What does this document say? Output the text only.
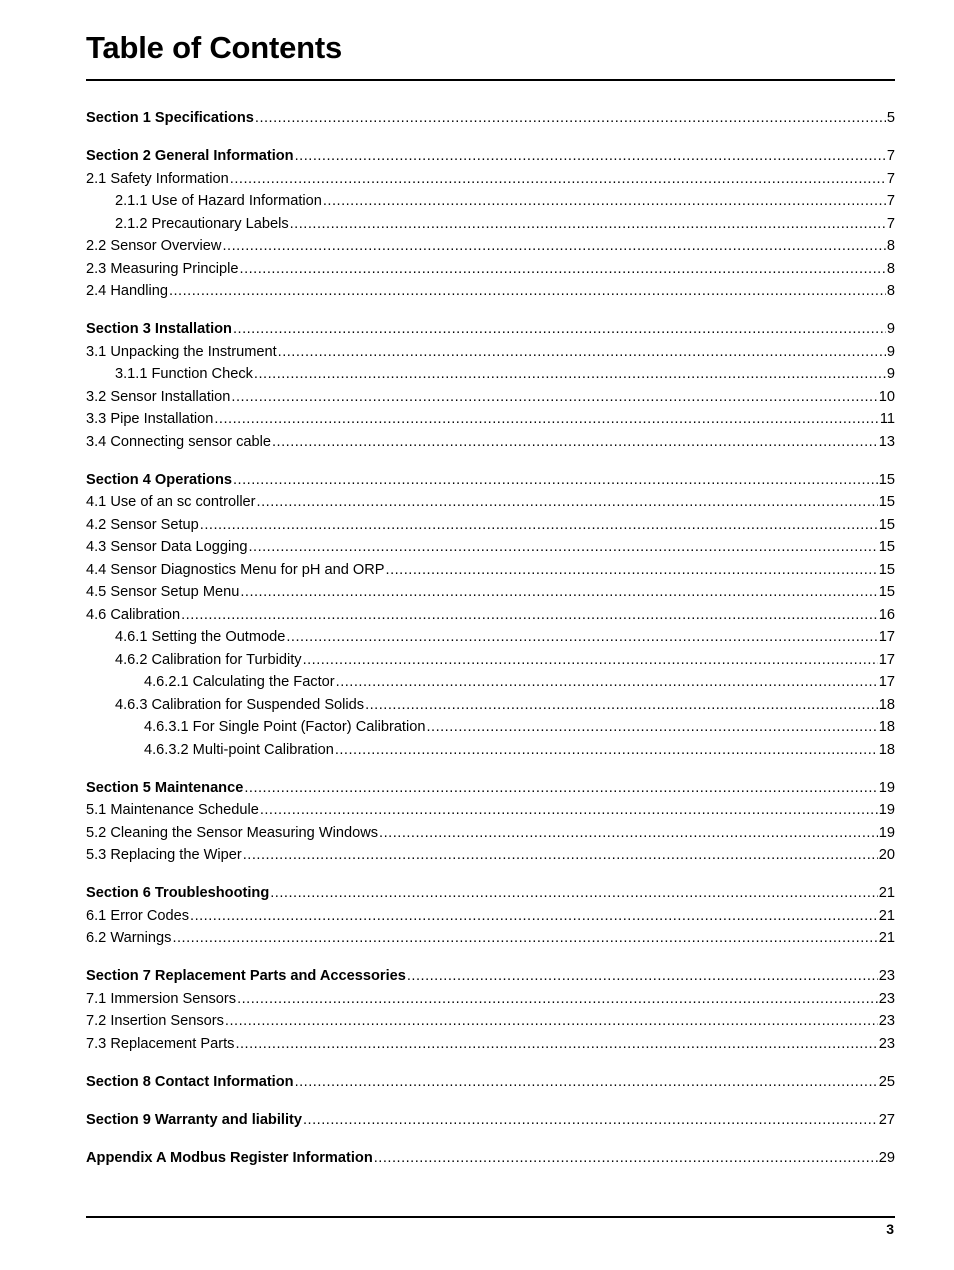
Table of Contents
Section 1 Specifications .....	5
Section 2 General Information .....	7
2.1 Safety Information .....	7
2.1.1 Use of Hazard Information .....	7
2.1.2 Precautionary Labels .....	7
2.2 Sensor Overview .....	8
2.3 Measuring Principle .....	8
2.4 Handling .....	8
Section 3 Installation .....	9
3.1 Unpacking the Instrument .....	9
3.1.1 Function Check .....	9
3.2 Sensor Installation .....	10
3.3 Pipe Installation .....	11
3.4 Connecting sensor cable .....	13
Section 4 Operations .....	15
4.1 Use of an sc controller .....	15
4.2 Sensor Setup .....	15
4.3 Sensor Data Logging .....	15
4.4 Sensor Diagnostics Menu for pH and ORP .....	15
4.5 Sensor Setup Menu .....	15
4.6 Calibration .....	16
4.6.1 Setting the Outmode .....	17
4.6.2 Calibration for Turbidity .....	17
4.6.2.1 Calculating the Factor .....	17
4.6.3 Calibration for Suspended Solids .....	18
4.6.3.1 For Single Point (Factor) Calibration .....	18
4.6.3.2 Multi-point Calibration .....	18
Section 5 Maintenance .....	19
5.1 Maintenance Schedule .....	19
5.2 Cleaning the Sensor Measuring Windows .....	19
5.3 Replacing the Wiper .....	20
Section 6 Troubleshooting .....	21
6.1 Error Codes .....	21
6.2 Warnings .....	21
Section 7 Replacement Parts and Accessories .....	23
7.1 Immersion Sensors .....	23
7.2 Insertion Sensors .....	23
7.3 Replacement Parts .....	23
Section 8 Contact Information .....	25
Section 9 Warranty and liability .....	27
Appendix A Modbus Register Information .....	29
3
